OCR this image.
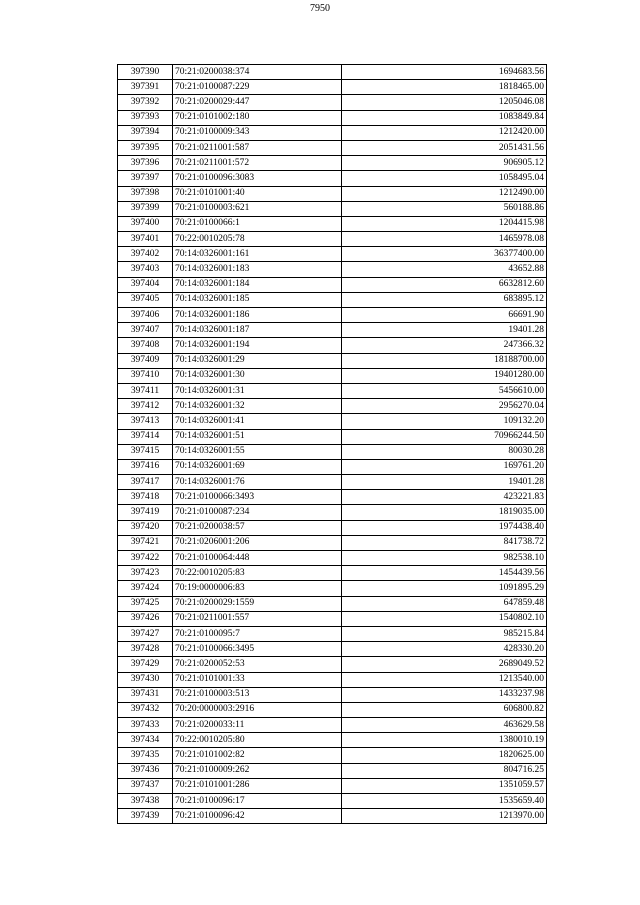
7950
397390	70:21:0200038:374	1694683.56
397391	70:21:0100087:229	1818465.00
397392	70:21:0200029:447	1205046.08
397393	70:21:0101002:180	1083849.84
397394	70:21:0100009:343	1212420.00
397395	70:21:0211001:587	2051431.56
397396	70:21:0211001:572	906905.12
397397	70:21:0100096:3083	1058495.04
397398	70:21:0101001:40	1212490.00
397399	70:21:0100003:621	560188.86
397400	70:21:0100066:1	1204415.98
397401	70:22:0010205:78	1465978.08
397402	70:14:0326001:161	36377400.00
397403	70:14:0326001:183	43652.88
397404	70:14:0326001:184	6632812.60
397405	70:14:0326001:185	683895.12
397406	70:14:0326001:186	66691.90
397407	70:14:0326001:187	19401.28
397408	70:14:0326001:194	247366.32
397409	70:14:0326001:29	18188700.00
397410	70:14:0326001:30	19401280.00
397411	70:14:0326001:31	5456610.00
397412	70:14:0326001:32	2956270.04
397413	70:14:0326001:41	109132.20
397414	70:14:0326001:51	70966244.50
397415	70:14:0326001:55	80030.28
397416	70:14:0326001:69	169761.20
397417	70:14:0326001:76	19401.28
397418	70:21:0100066:3493	423221.83
397419	70:21:0100087:234	1819035.00
397420	70:21:0200038:57	1974438.40
397421	70:21:0206001:206	841738.72
397422	70:21:0100064:448	982538.10
397423	70:22:0010205:83	1454439.56
397424	70:19:0000006:83	1091895.29
397425	70:21:0200029:1559	647859.48
397426	70:21:0211001:557	1540802.10
397427	70:21:0100095:7	985215.84
397428	70:21:0100066:3495	428330.20
397429	70:21:0200052:53	2689049.52
397430	70:21:0101001:33	1213540.00
397431	70:21:0100003:513	1433237.98
397432	70:20:0000003:2916	606800.82
397433	70:21:0200033:11	463629.58
397434	70:22:0010205:80	1380010.19
397435	70:21:0101002:82	1820625.00
397436	70:21:0100009:262	804716.25
397437	70:21:0101001:286	1351059.57
397438	70:21:0100096:17	1535659.40
397439	70:21:0100096:42	1213970.00
